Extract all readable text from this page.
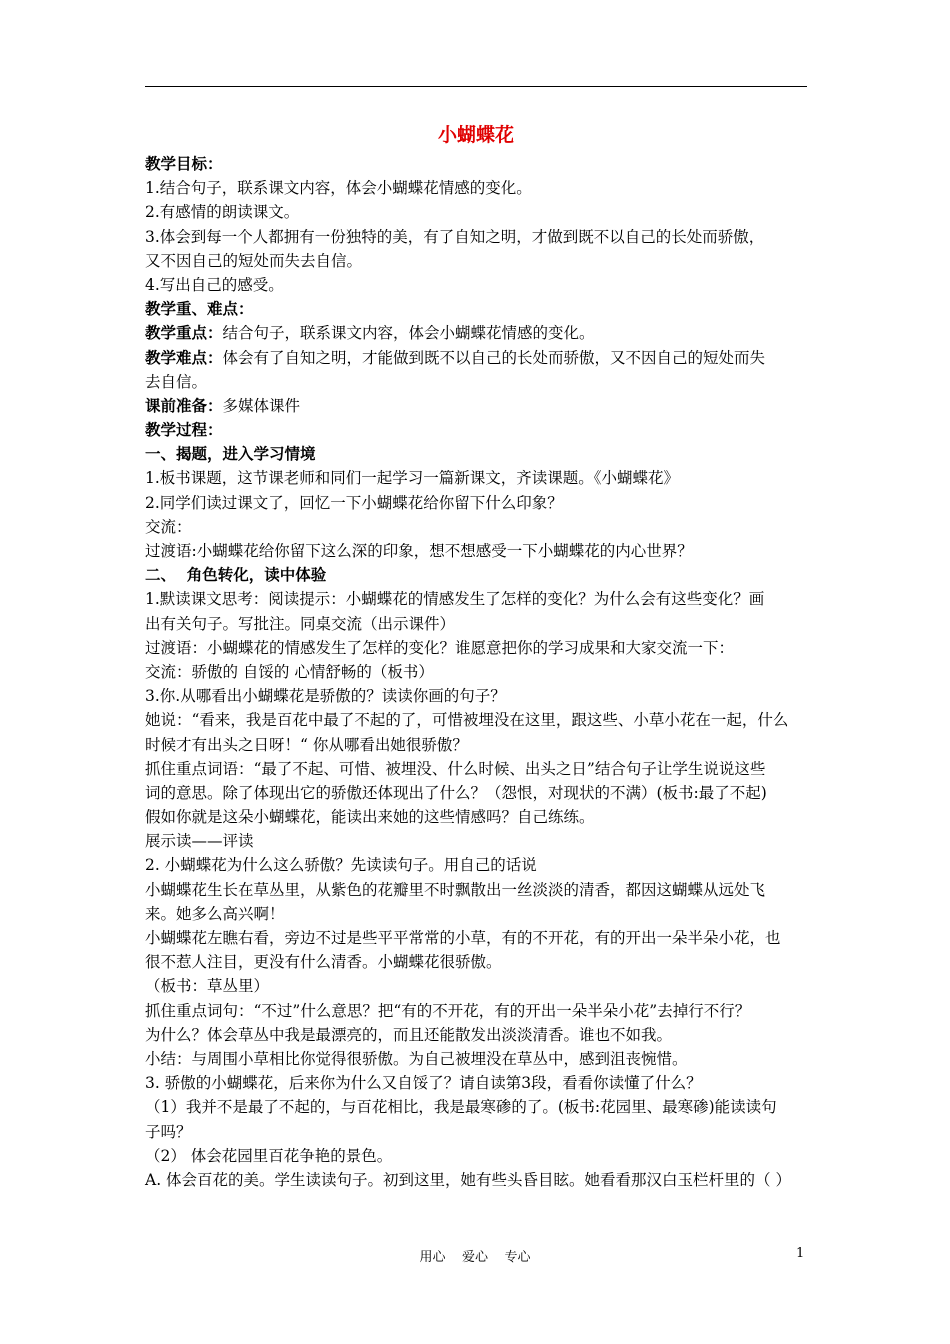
小蝴蝶花
教学目标：
1.结合句子，联系课文内容，体会小蝴蝶花情感的变化。
2.有感情的朗读课文。
3.体会到每一个人都拥有一份独特的美，有了自知之明，才做到既不以自己的长处而骄傲，
又不因自己的短处而失去自信。
4.写出自己的感受。
教学重、难点：
教学重点：结合句子，联系课文内容，体会小蝴蝶花情感的变化。
教学难点：体会有了自知之明，才能做到既不以自己的长处而骄傲，又不因自己的短处而失
去自信。
课前准备：多媒体课件
教学过程：
一、揭题，进入学习情境
1.板书课题，这节课老师和同们一起学习一篇新课文，齐读课题。《小蝴蝶花》
2.同学们读过课文了，回忆一下小蝴蝶花给你留下什么印象？
交流：
过渡语:小蝴蝶花给你留下这么深的印象，想不想感受一下小蝴蝶花的内心世界？
二、  角色转化，读中体验
1.默读课文思考：阅读提示：小蝴蝶花的情感发生了怎样的变化？为什么会有这些变化？画
出有关句子。写批注。同桌交流（出示课件）
过渡语：小蝴蝶花的情感发生了怎样的变化？谁愿意把你的学习成果和大家交流一下：
交流：骄傲的 自馁的 心情舒畅的（板书）
3.你.从哪看出小蝴蝶花是骄傲的？读读你画的句子？
她说：“看来，我是百花中最了不起的了，可惜被埋没在这里，跟这些、小草小花在一起，什么
时候才有出头之日呀！“ 你从哪看出她很骄傲？
抓住重点词语：“最了不起、可惜、被埋没、什么时候、出头之日”结合句子让学生说说这些
词的意思。除了体现出它的骄傲还体现出了什么？（怨恨，对现状的不满）(板书:最了不起)
假如你就是这朵小蝴蝶花，能读出来她的这些情感吗？自己练练。
展示读——评读
2. 小蝴蝶花为什么这么骄傲？先读读句子。用自己的话说
小蝴蝶花生长在草丛里，从紫色的花瓣里不时飘散出一丝淡淡的清香，都因这蝴蝶从远处飞
来。她多么高兴啊！
小蝴蝶花左瞧右看，旁边不过是些平平常常的小草，有的不开花，有的开出一朵半朵小花，也
很不惹人注目，更没有什么清香。小蝴蝶花很骄傲。
（板书：草丛里）
抓住重点词句：“不过”什么意思？把“有的不开花，有的开出一朵半朵小花”去掉行不行？
为什么？体会草丛中我是最漂亮的，而且还能散发出淡淡清香。谁也不如我。
小结：与周围小草相比你觉得很骄傲。为自己被埋没在草丛中，感到沮丧惋惜。
3. 骄傲的小蝴蝶花，后来你为什么又自馁了？请自读第3段，看看你读懂了什么？
（1）我并不是最了不起的，与百花相比，我是最寒碜的了。(板书:花园里、最寒碜)能读读句
子吗？
（2） 体会花园里百花争艳的景色。
A. 体会百花的美。学生读读句子。初到这里，她有些头昏目眩。她看看那汉白玉栏杆里的（ ）
用心    爱心    专心	1
